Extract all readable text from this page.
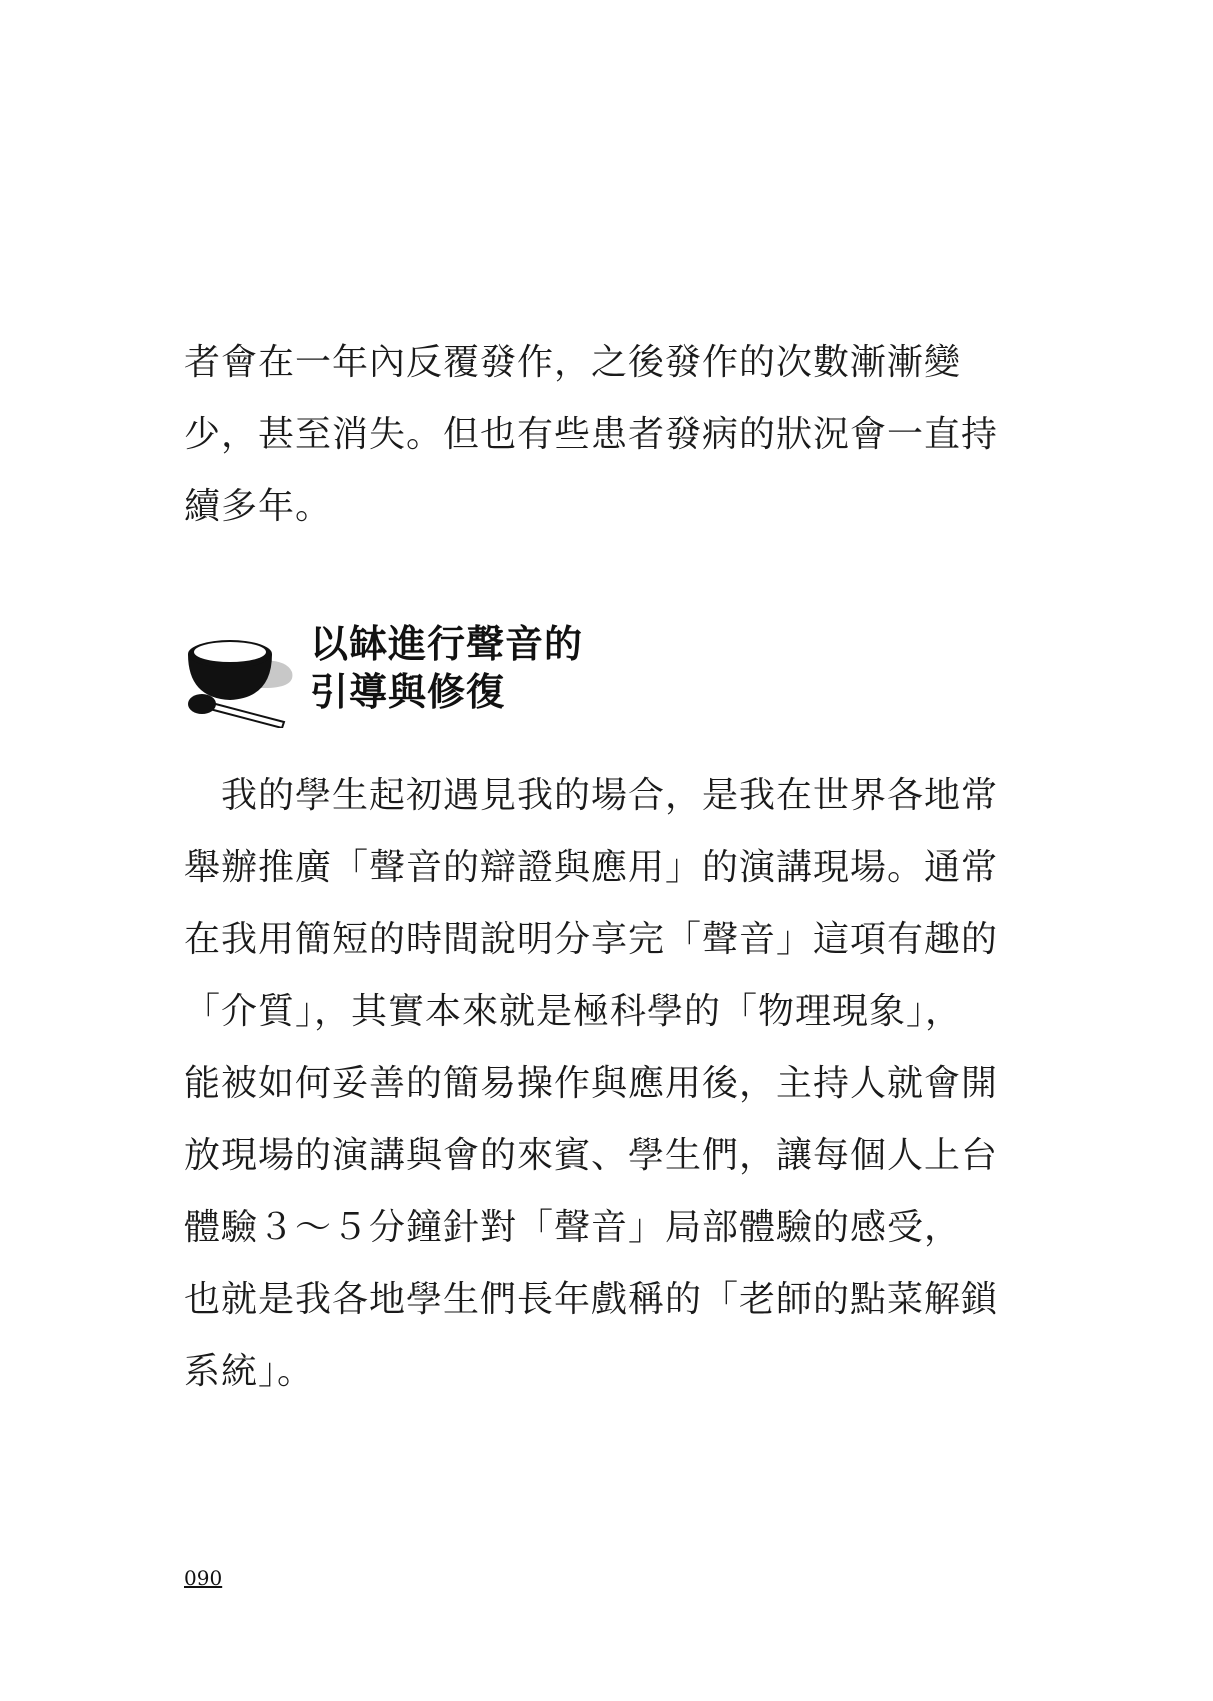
者會在一年內反覆發作，之後發作的次數漸漸變
少，甚至消失。但也有些患者發病的狀況會一直持
續多年。
以缽進行聲音的
引導與修復
　我的學生起初遇見我的場合，是我在世界各地常
舉辦推廣「聲音的辯證與應用」的演講現場。通常
在我用簡短的時間說明分享完「聲音」這項有趣的
「介質」，其實本來就是極科學的「物理現象」，
能被如何妥善的簡易操作與應用後，主持人就會開
放現場的演講與會的來賓、學生們，讓每個人上台
體驗３～５分鐘針對「聲音」局部體驗的感受，
也就是我各地學生們長年戲稱的「老師的點菜解鎖
系統」。
090
